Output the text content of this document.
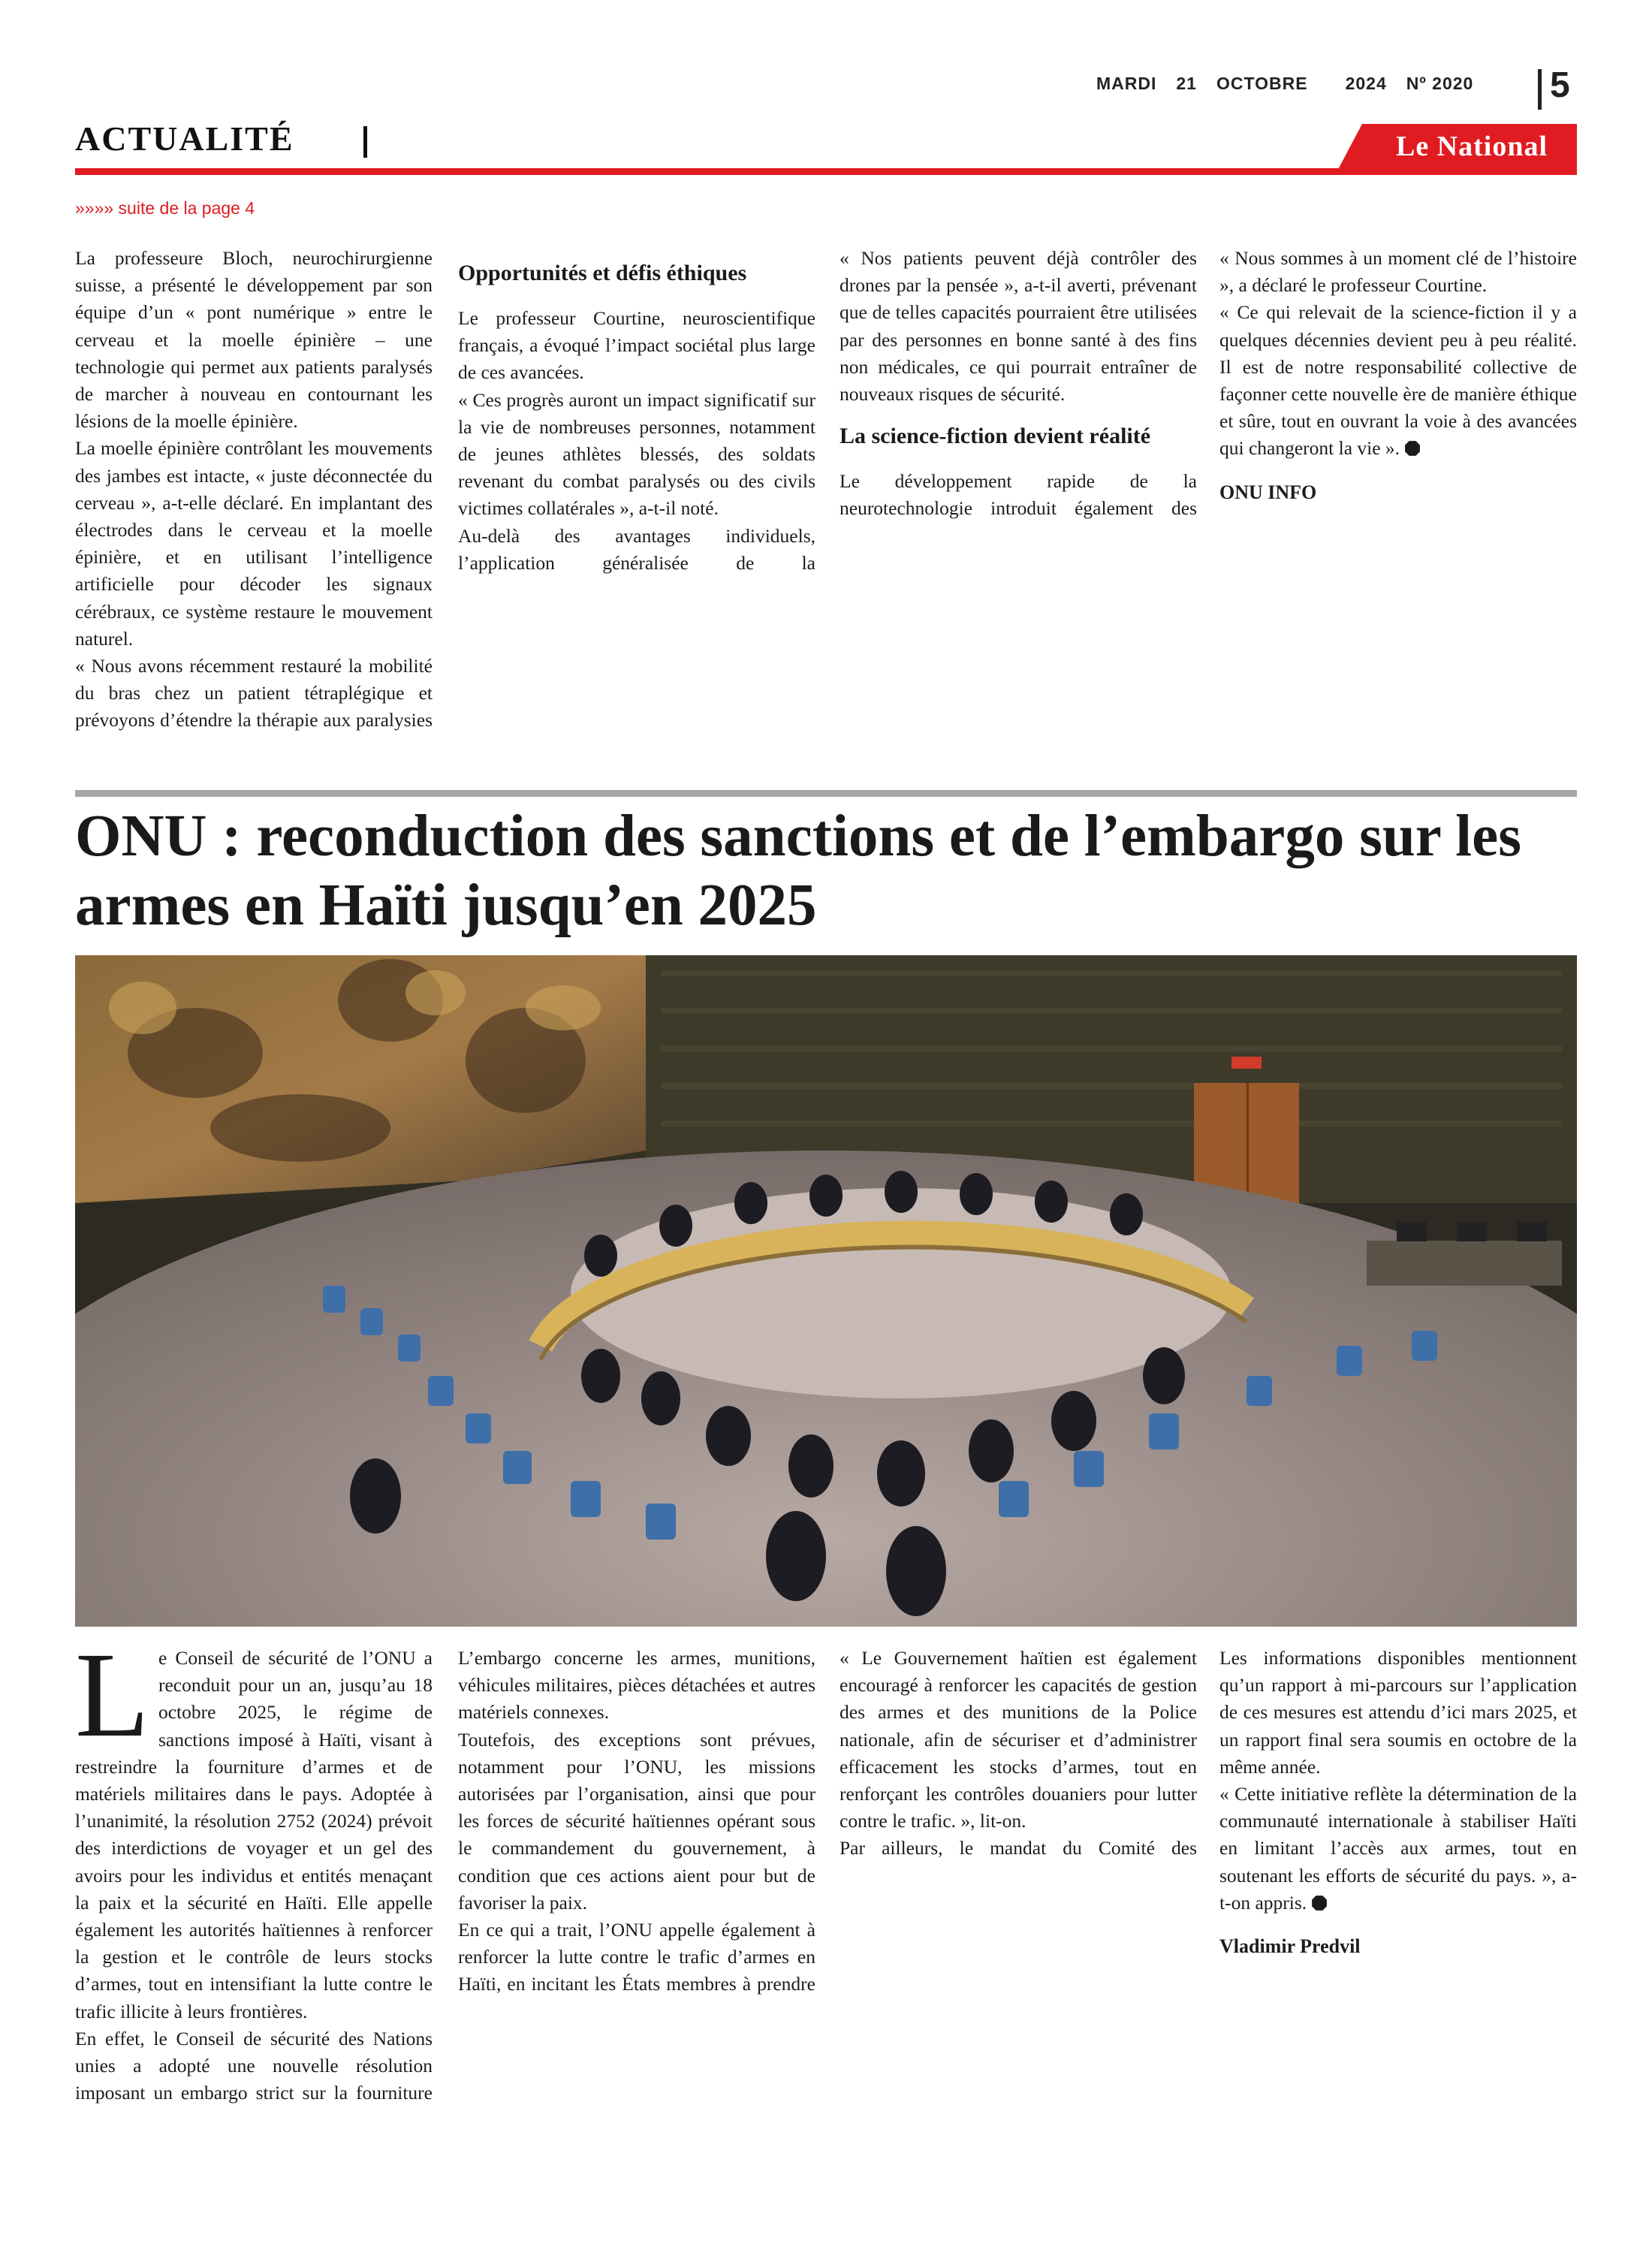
MARDI 21 OCTOBRE 2024 Nº 2020 5
ACTUALITÉ	Le National
»»»» suite de la page 4

La professeure Bloch, neurochirurgienne suisse, a présenté le développement par son équipe d’un « pont numérique » entre le cerveau et la moelle épinière – une technologie qui permet aux patients paralysés de marcher à nouveau en contournant les lésions de la moelle épinière.

La moelle épinière contrôlant les mouvements des jambes est intacte, « juste déconnectée du cerveau », a-t-elle déclaré. En implantant des électrodes dans le cerveau et la moelle épinière, et en utilisant l’intelligence artificielle pour décoder les signaux cérébraux, ce système restaure le mouvement naturel.

« Nous avons récemment restauré la mobilité du bras chez un patient tétraplégique et prévoyons d’étendre la thérapie aux paralysies

Opportunités et défis éthiques

Le professeur Courtine, neuroscientifique français, a évoqué l’impact sociétal plus large de ces avancées.

« Ces progrès auront un impact significatif sur la vie de nombreuses personnes, notamment de jeunes athlètes blessés, des soldats revenant du combat paralysés ou des civils victimes collatérales », a-t-il noté.

Au-delà des avantages individuels, l’application généralisée de la

« Nos patients peuvent déjà contrôler des drones par la pensée », a-t-il averti, prévenant que de telles capacités pourraient être utilisées par des personnes en bonne santé à des fins non médicales, ce qui pourrait entraîner de nouveaux risques de sécurité.

La science-fiction devient réalité

Le développement rapide de la neurotechnologie introduit également des

« Nous sommes à un moment clé de l’histoire », a déclaré le professeur Courtine.

« Ce qui relevait de la science-fiction il y a quelques décennies devient peu à peu réalité. Il est de notre responsabilité collective de façonner cette nouvelle ère de manière éthique et sûre, tout en ouvrant la voie à des avancées qui changeront la vie ».

ONU INFO

ONU : reconduction des sanctions et de l’embargo sur les armes en Haïti jusqu’en 2025

Le Conseil de sécurité de l’ONU a reconduit pour un an, jusqu’au 18 octobre 2025, le régime de sanctions imposé à Haïti, visant à restreindre la fourniture d’armes et de matériels militaires dans le pays. Adoptée à l’unanimité, la résolution 2752 (2024) prévoit des interdictions de voyager et un gel des avoirs pour les individus et entités menaçant la paix et la sécurité en Haïti. Elle appelle également les autorités haïtiennes à renforcer la gestion et le contrôle de leurs stocks d’armes, tout en intensifiant la lutte contre le trafic illicite à leurs frontières.

En effet, le Conseil de sécurité des Nations unies a adopté une nouvelle résolution imposant un embargo strict sur la fourniture

L’embargo concerne les armes, munitions, véhicules militaires, pièces détachées et autres matériels connexes.

Toutefois, des exceptions sont prévues, notamment pour l’ONU, les missions autorisées par l’organisation, ainsi que pour les forces de sécurité haïtiennes opérant sous le commandement du gouvernement, à condition que ces actions aient pour but de favoriser la paix.

En ce qui a trait, l’ONU appelle également à renforcer la lutte contre le trafic d’armes en Haïti, en incitant les États membres à prendre

« Le Gouvernement haïtien est également encouragé à renforcer les capacités de gestion des armes et des munitions de la Police nationale, afin de sécuriser et d’administrer efficacement les stocks d’armes, tout en renforçant les contrôles douaniers pour lutter contre le trafic. », lit-on.

Par ailleurs, le mandat du Comité des

Les informations disponibles mentionnent qu’un rapport à mi-parcours sur l’application de ces mesures est attendu d’ici mars 2025, et un rapport final sera soumis en octobre de la même année.

« Cette initiative reflète la détermination de la communauté internationale à stabiliser Haïti en limitant l’accès aux armes, tout en soutenant les efforts de sécurité du pays. », a-t-on appris.

Vladimir Predvil
